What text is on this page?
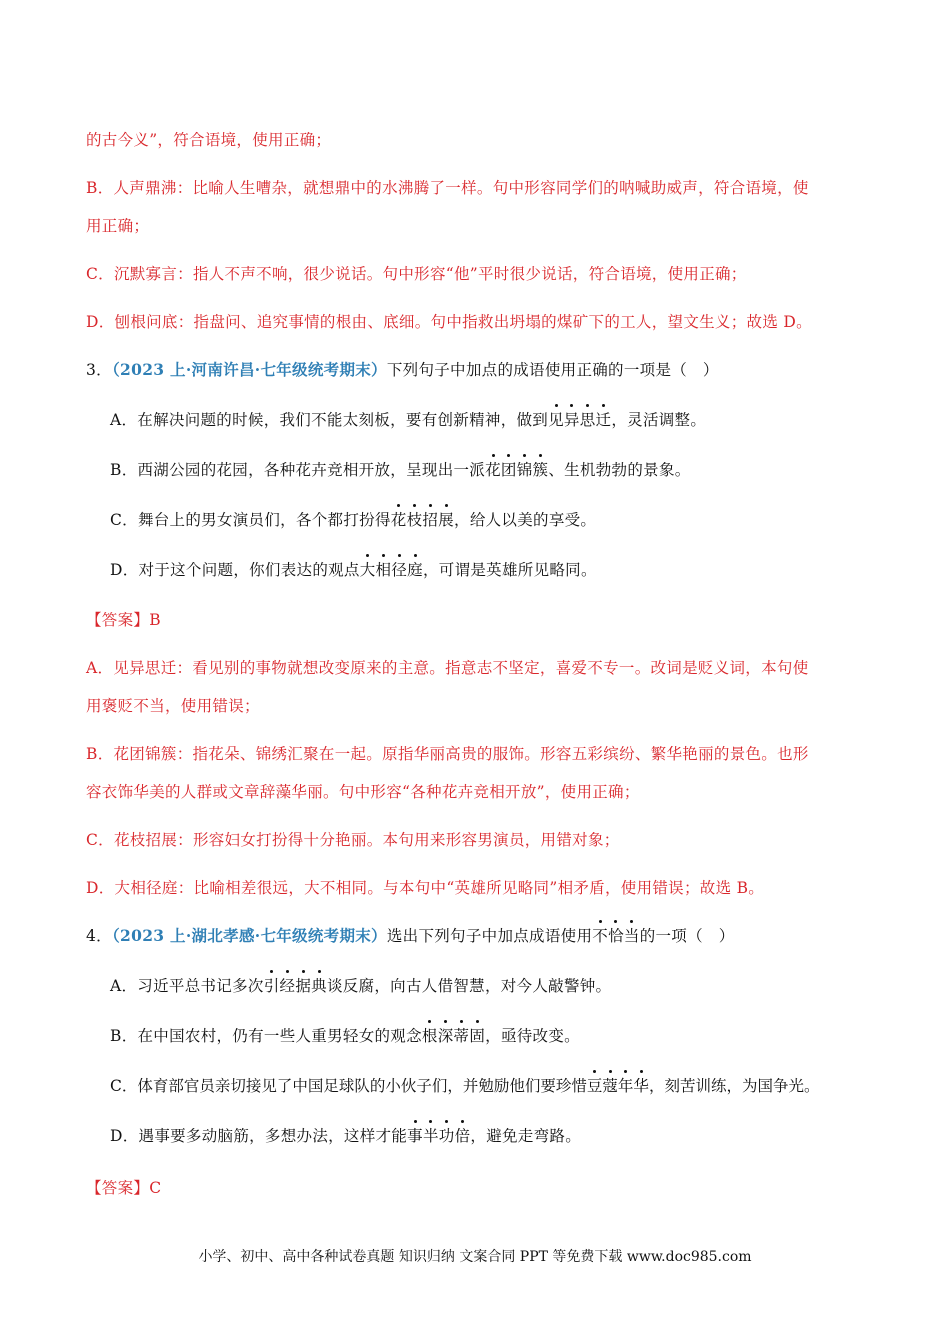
的古今义”，符合语境，使用正确；
B．人声鼎沸：比喻人生嘈杂，就想鼎中的水沸腾了一样。句中形容同学们的呐喊助威声，符合语境，使
用正确；
C．沉默寡言：指人不声不响，很少说话。句中形容“他”平时很少说话，符合语境，使用正确；
D．刨根问底：指盘问、追究事情的根由、底细。句中指救出坍塌的煤矿下的工人，望文生义；故选 D。
3．（2023 上·河南许昌·七年级统考期末）下列句子中加点的成语使用正确的一项是（　）
A．在解决问题的时候，我们不能太刻板，要有创新精神，做到见异思迁，灵活调整。
B．西湖公园的花园，各种花卉竞相开放，呈现出一派花团锦簇、生机勃勃的景象。
C．舞台上的男女演员们，各个都打扮得花枝招展，给人以美的享受。
D．对于这个问题，你们表达的观点大相径庭，可谓是英雄所见略同。
【答案】B
A．见异思迁：看见别的事物就想改变原来的主意。指意志不坚定，喜爱不专一。改词是贬义词，本句使
用褒贬不当，使用错误；
B．花团锦簇：指花朵、锦绣汇聚在一起。原指华丽高贵的服饰。形容五彩缤纷、繁华艳丽的景色。也形
容衣饰华美的人群或文章辞藻华丽。句中形容“各种花卉竞相开放”，使用正确；
C．花枝招展：形容妇女打扮得十分艳丽。本句用来形容男演员，用错对象；
D．大相径庭：比喻相差很远，大不相同。与本句中“英雄所见略同”相矛盾，使用错误；故选 B。
4．（2023 上·湖北孝感·七年级统考期末）选出下列句子中加点成语使用不恰当的一项（　）
A．习近平总书记多次引经据典谈反腐，向古人借智慧，对今人敲警钟。
B．在中国农村，仍有一些人重男轻女的观念根深蒂固，亟待改变。
C．体育部官员亲切接见了中国足球队的小伙子们，并勉励他们要珍惜豆蔻年华，刻苦训练，为国争光。
D．遇事要多动脑筋，多想办法，这样才能事半功倍，避免走弯路。
【答案】C
小学、初中、高中各种试卷真题 知识归纳 文案合同 PPT 等免费下载 www.doc985.com
